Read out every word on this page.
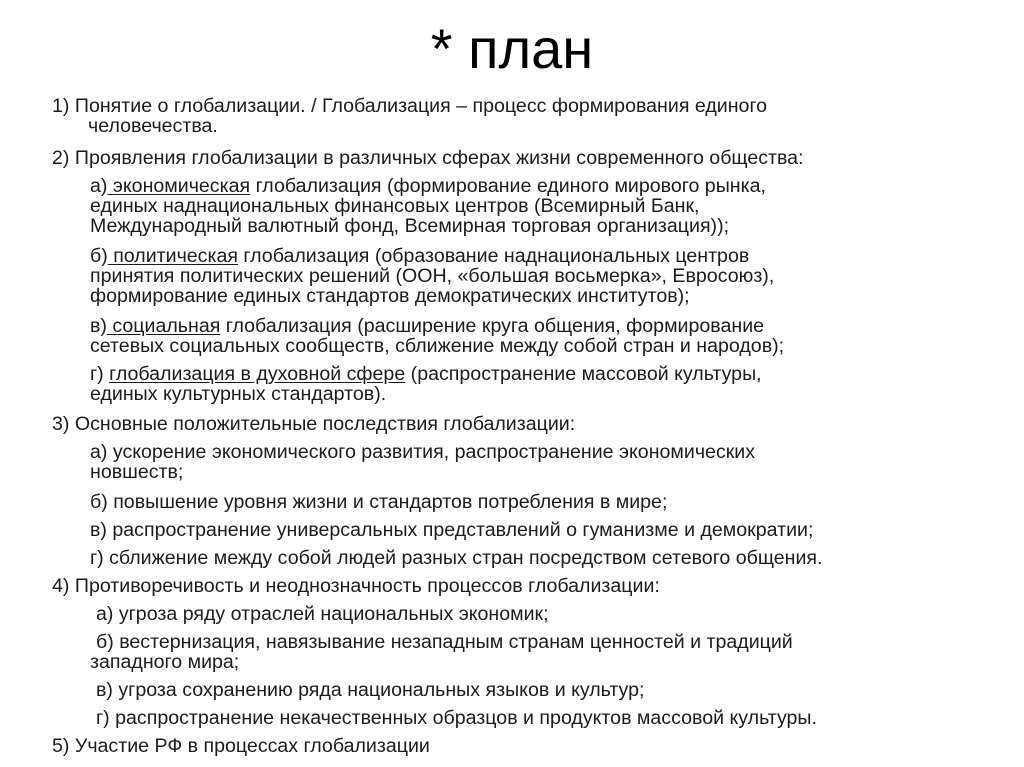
* план
1) Понятие о глобализации. / Глобализация – процесс формирования единого
человечества.
2) Проявления глобализации в различных сферах жизни современного общества:
а) экономическая глобализация (формирование единого мирового рынка,
единых наднациональных финансовых центров (Всемирный Банк,
Международный валютный фонд, Всемирная торговая организация));
б) политическая глобализация (образование наднациональных центров
принятия политических решений (ООН, «большая восьмерка», Евросоюз),
формирование единых стандартов демократических институтов);
в) социальная глобализация (расширение круга общения, формирование
сетевых социальных сообществ, сближение между собой стран и народов);
г) глобализация в духовной сфере (распространение массовой культуры,
единых культурных стандартов).
3) Основные положительные последствия глобализации:
а) ускорение экономического развития, распространение экономических
новшеств;
б) повышение уровня жизни и стандартов потребления в мире;
в) распространение универсальных представлений о гуманизме и демократии;
г) сближение между собой людей разных стран посредством сетевого общения.
4) Противоречивость и неоднозначность процессов глобализации:
а) угроза ряду отраслей национальных экономик;
б) вестернизация, навязывание незападным странам ценностей и традиций
западного мира;
в) угроза сохранению ряда национальных языков и культур;
г) распространение некачественных образцов и продуктов массовой культуры.
5) Участие РФ в процессах глобализации
